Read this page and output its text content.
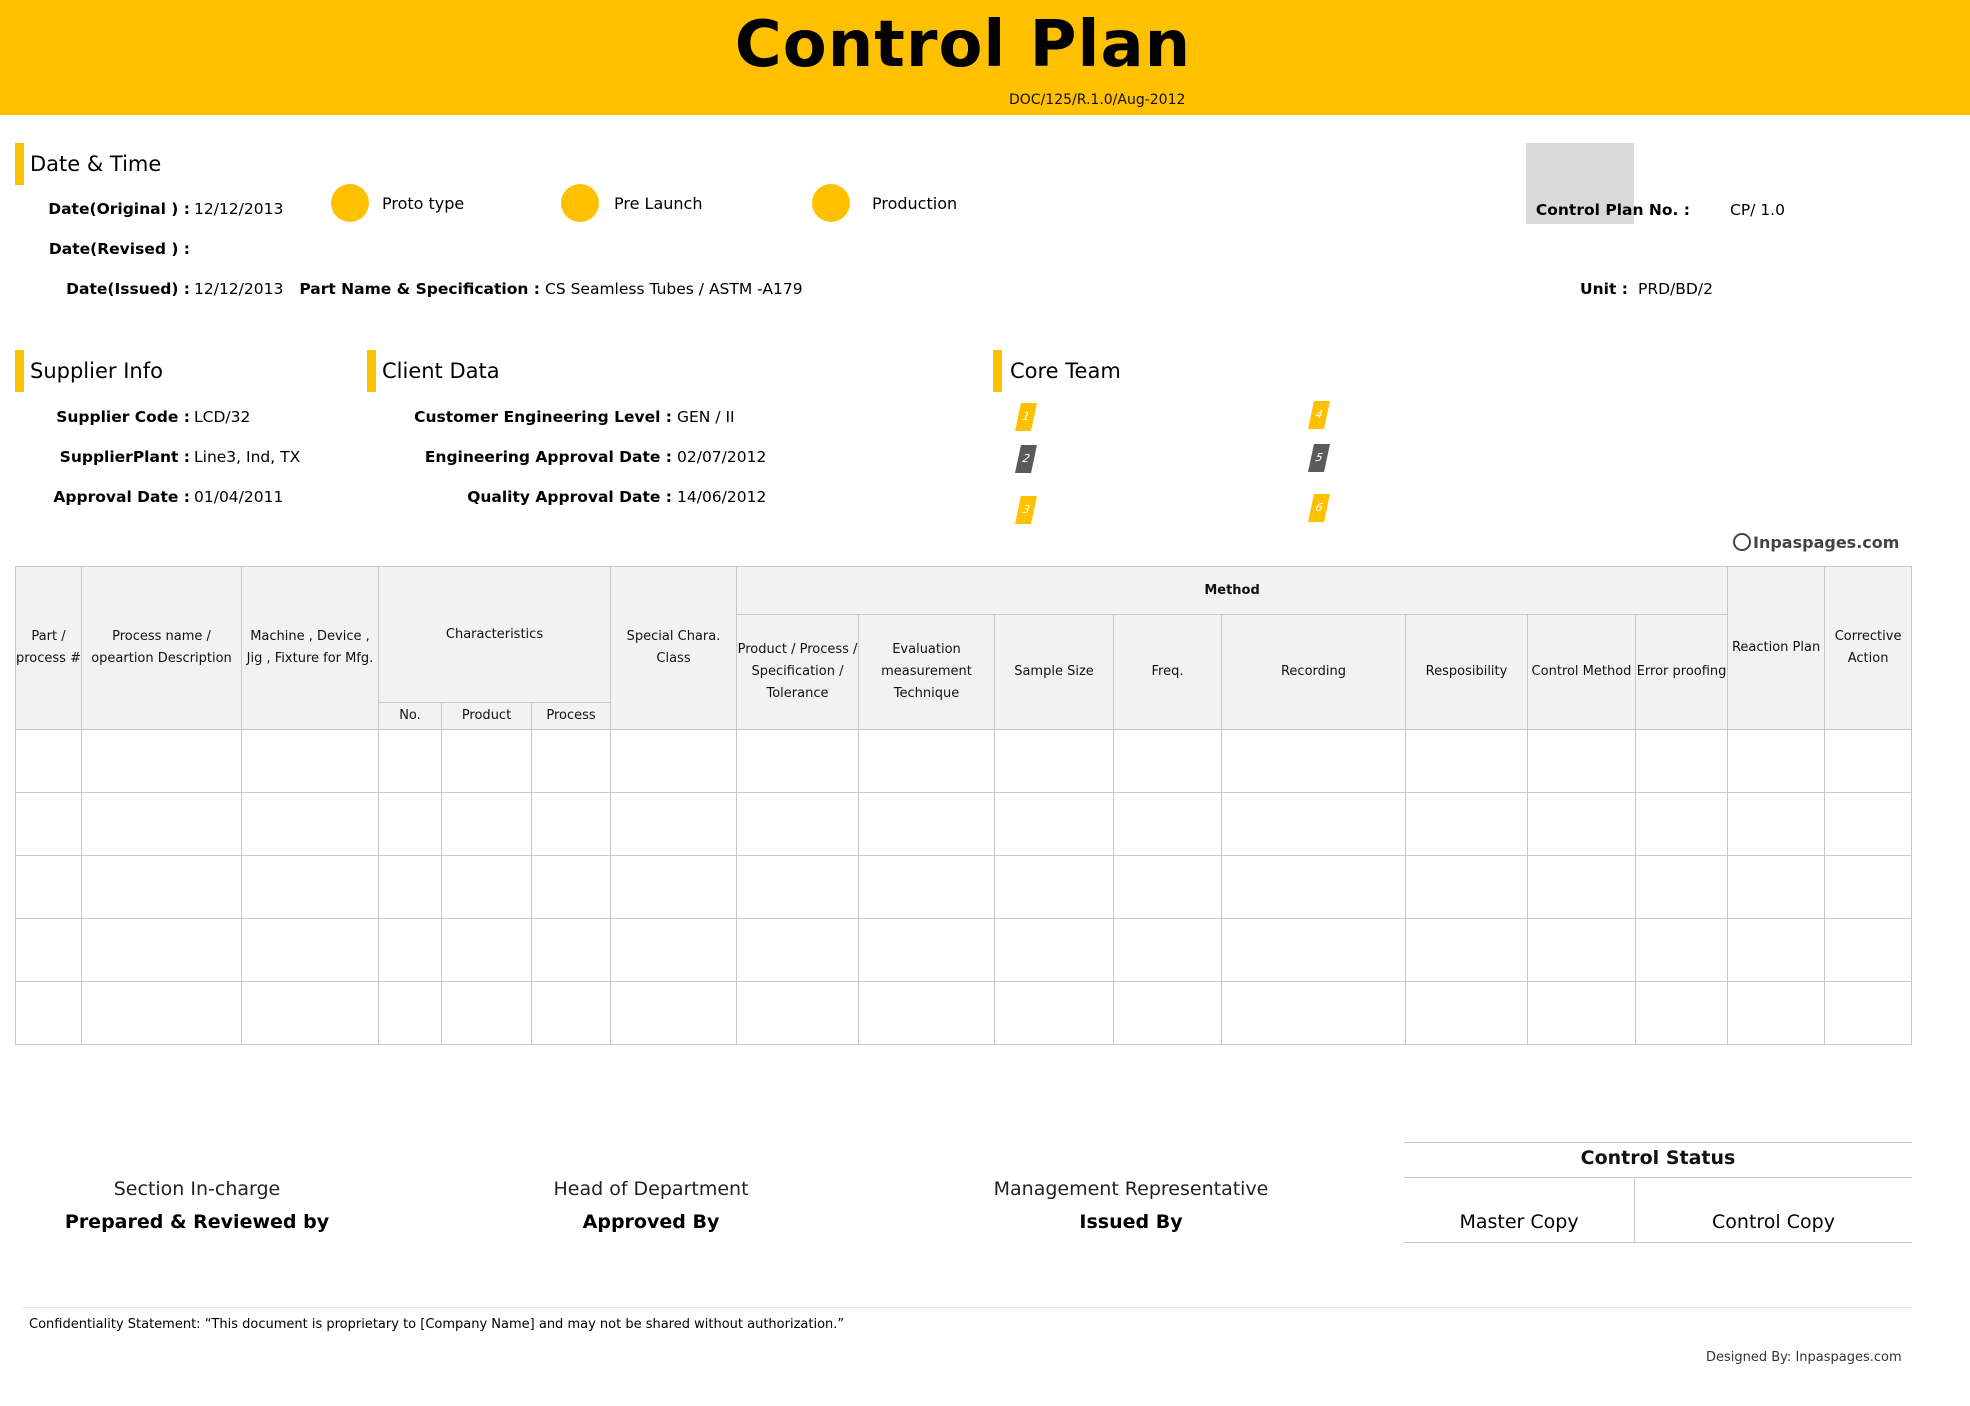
Control Plan
DOC/125/R.1.0/Aug-2012
Date & Time
Date(Original ) : 12/12/2013
Date(Revised ) :
Date(Issued) : 12/12/2013
Proto type	Pre Launch	Production
Part Name & Specification : CS Seamless Tubes / ASTM -A179
Control Plan No. :	CP/ 1.0
Unit : PRD/BD/2
Supplier Info
Supplier Code : LCD/32
SupplierPlant : Line3, Ind, TX
Approval Date : 01/04/2011
Client Data
Customer Engineering Level : GEN / II
Engineering Approval Date : 02/07/2012
Quality Approval Date : 14/06/2012
Core Team
1
2
3
4
5
6
Inpaspages.com
Part / process #	Process name / opeartion Description	Machine , Device , Jig , Fixture for Mfg.	Characteristics			Special Chara. Class	Method								Reaction Plan	Corrective Action
							Product / Process / Specification / Tolerance	Evaluation measurement Technique	Sample Size	Freq.	Recording	Resposibility	Control Method	Error proofing		
			No.	Product	Process											

Section In-charge
Prepared & Reviewed by
Head of Department
Approved By
Management Representative
Issued By
Control Status
Master Copy	Control Copy
Confidentiality Statement: “This document is proprietary to [Company Name] and may not be shared without authorization.”
Designed By: Inpaspages.com
